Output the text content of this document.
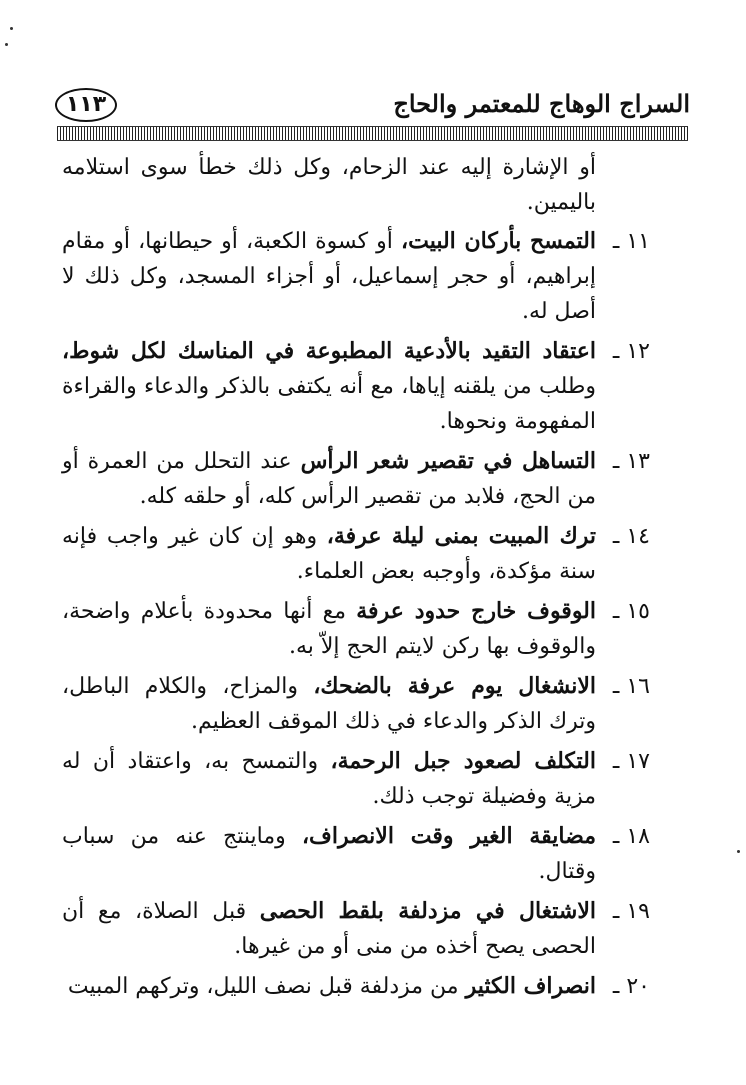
١١٣	السراج الوهاج للمعتمر والحاج

أو الإشارة إليه عند الزحام، وكل ذلك خطأ سوى استلامه باليمين.

١١ ـ
التمسح بأركان البيت، أو كسوة الكعبة، أو حيطانها، أو مقام إبراهيم، أو حجر إسماعيل، أو أجزاء المسجد، وكل ذلك لا أصل له.
١٢ ـ
اعتقاد التقيد بالأدعية المطبوعة في المناسك لكل شوط، وطلب من يلقنه إياها، مع أنه يكتفى بالذكر والدعاء والقراءة المفهومة ونحوها.
١٣ ـ
التساهل في تقصير شعر الرأس عند التحلل من العمرة أو من الحج، فلابد من تقصير الرأس كله، أو حلقه كله.
١٤ ـ
ترك المبيت بمنى ليلة عرفة، وهو إن كان غير واجب فإنه سنة مؤكدة، وأوجبه بعض العلماء.
١٥ ـ
الوقوف خارج حدود عرفة مع أنها محدودة بأعلام واضحة، والوقوف بها ركن لايتم الحج إلاّ به.
١٦ ـ
الانشغال يوم عرفة بالضحك، والمزاح، والكلام الباطل، وترك الذكر والدعاء في ذلك الموقف العظيم.
١٧ ـ
التكلف لصعود جبل الرحمة، والتمسح به، واعتقاد أن له مزية وفضيلة توجب ذلك.
١٨ ـ
مضايقة الغير وقت الانصراف، وماينتج عنه من سباب وقتال.
١٩ ـ
الاشتغال في مزدلفة بلقط الحصى قبل الصلاة، مع أن الحصى يصح أخذه من منى أو من غيرها.
٢٠ ـ
انصراف الكثير من مزدلفة قبل نصف الليل، وتركهم المبيت
